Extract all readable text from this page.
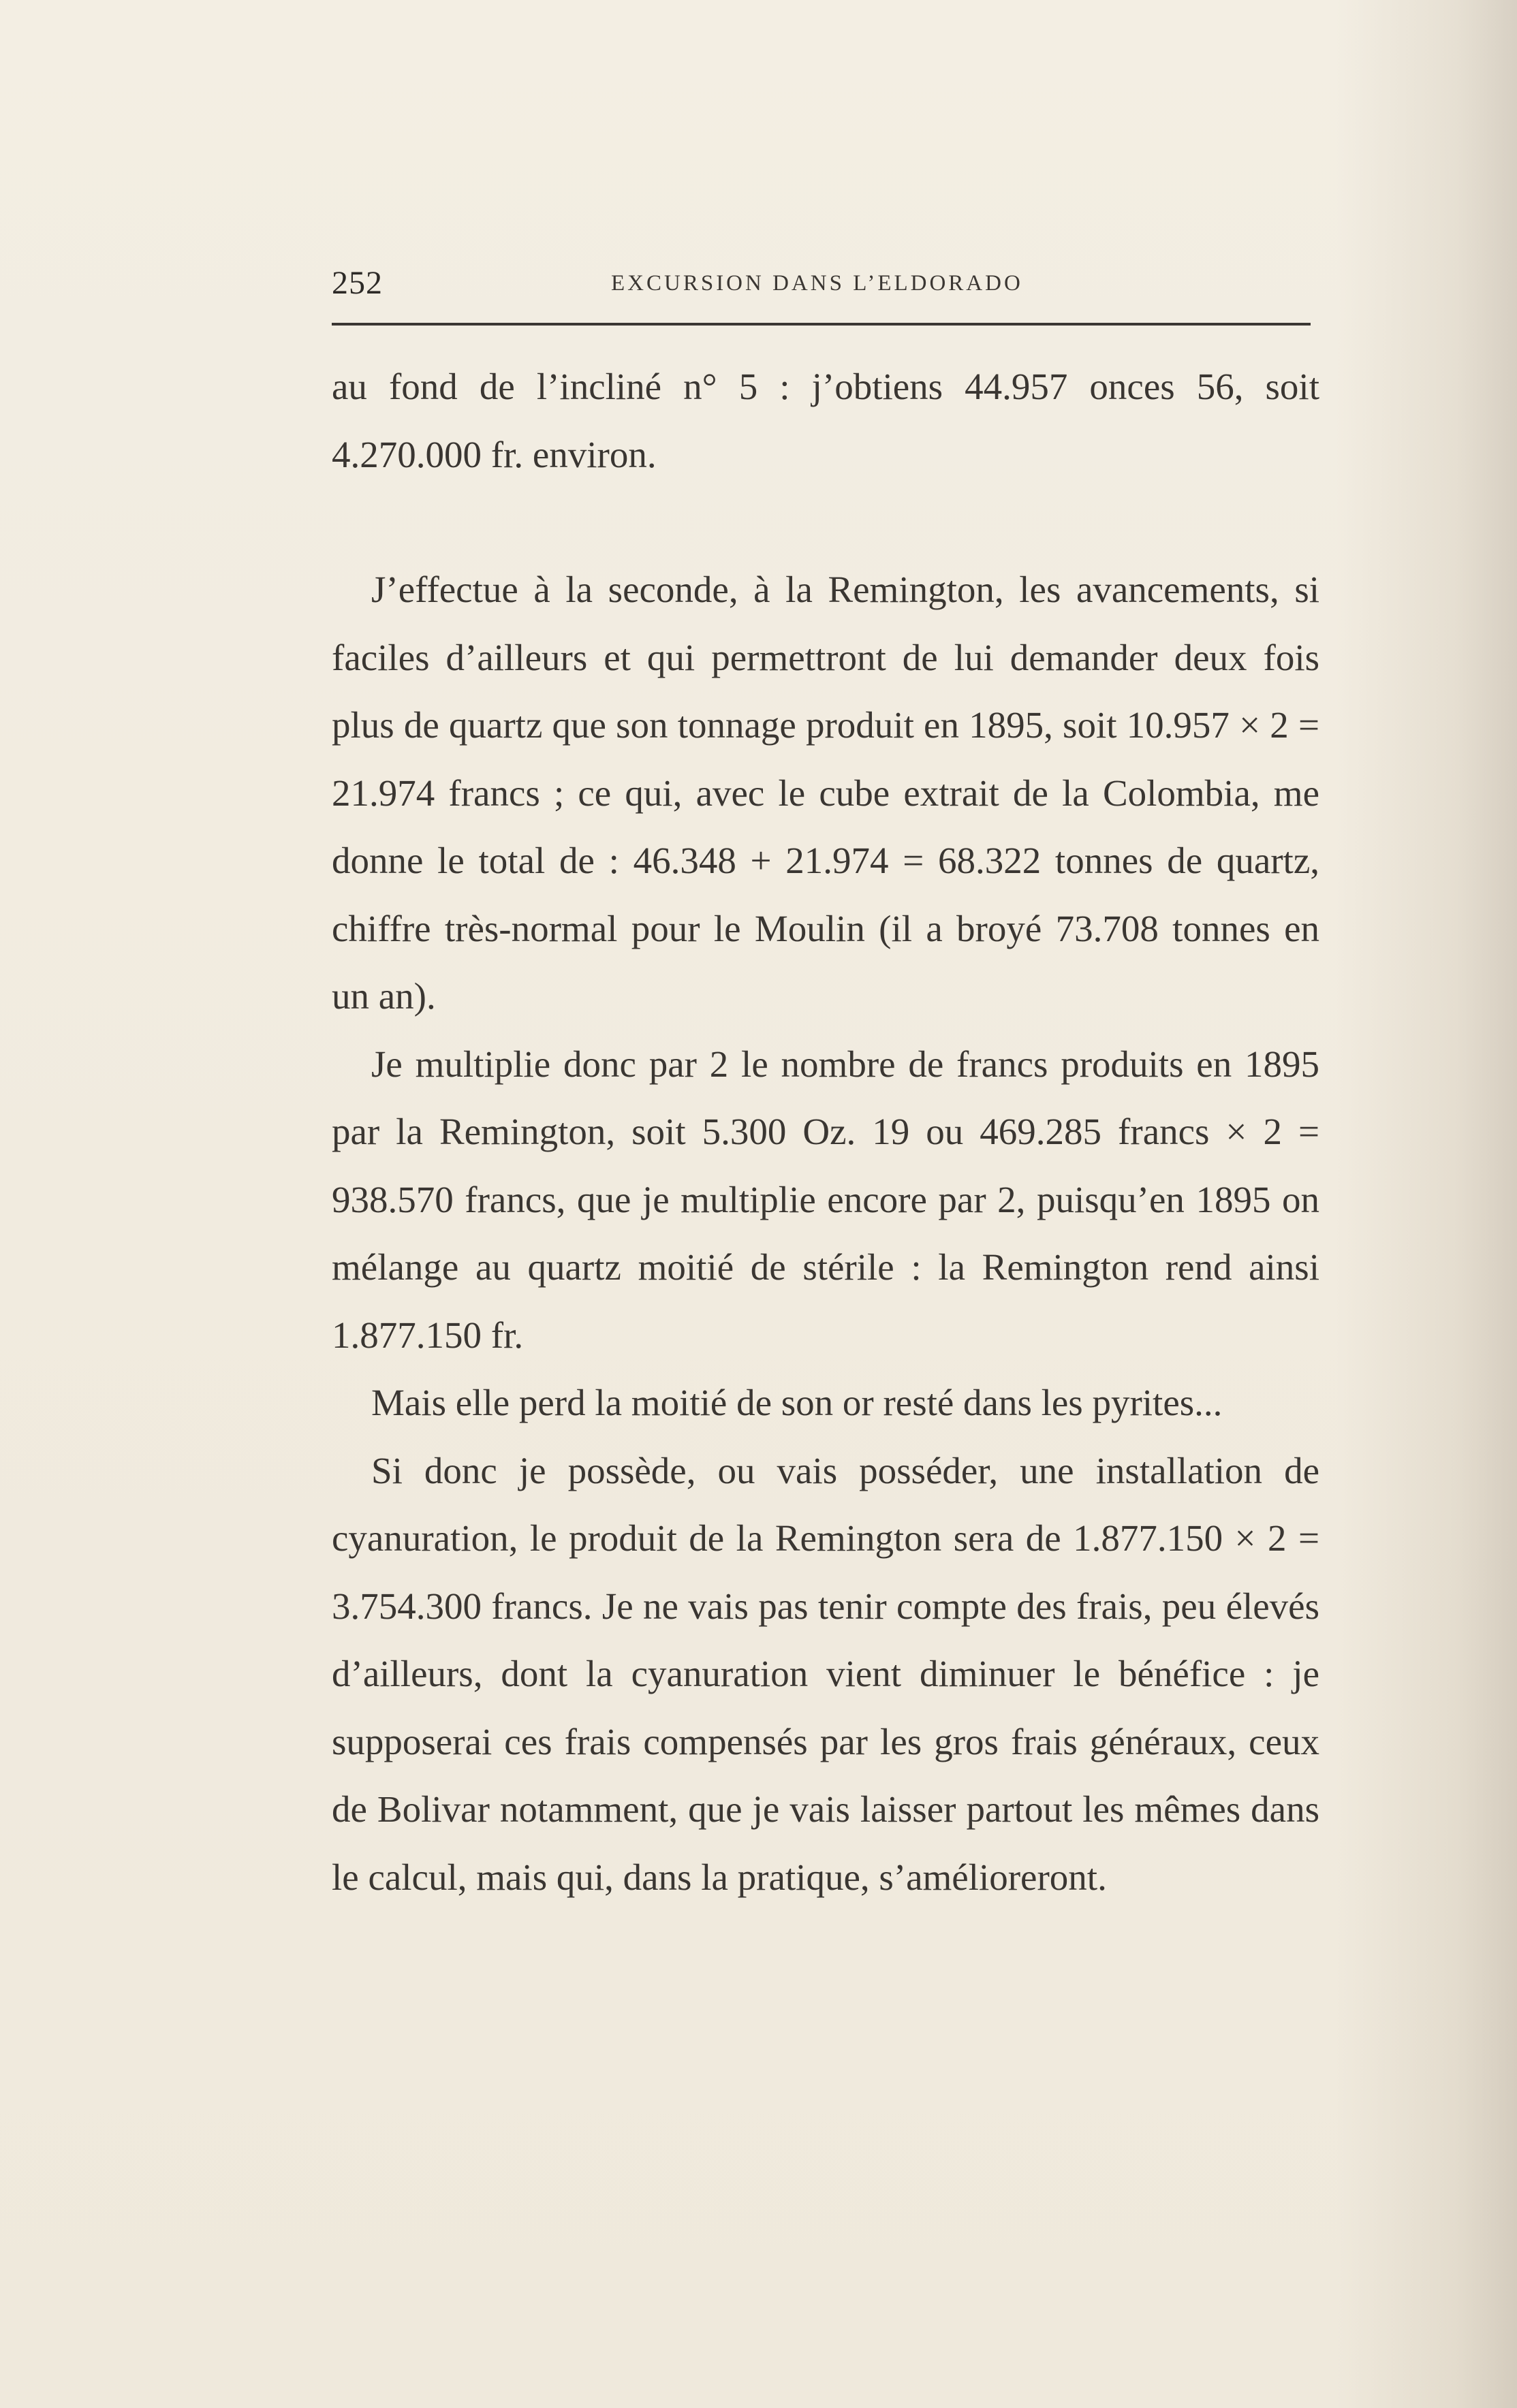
252	EXCURSION DANS L’ELDORADO

au fond de l’incliné n° 5 : j’obtiens 44.957 onces 56, soit 4.270.000 fr. environ.

J’effectue à la seconde, à la Remington, les avancements, si faciles d’ailleurs et qui permettront de lui demander deux fois plus de quartz que son tonnage produit en 1895, soit 10.957 × 2 = 21.974 francs ; ce qui, avec le cube extrait de la Colombia, me donne le total de : 46.348 + 21.974 = 68.322 tonnes de quartz, chiffre très-normal pour le Moulin (il a broyé 73.708 tonnes en un an).

Je multiplie donc par 2 le nombre de francs produits en 1895 par la Remington, soit 5.300 Oz. 19 ou 469.285 francs × 2 = 938.570 francs, que je multiplie encore par 2, puisqu’en 1895 on mélange au quartz moitié de stérile : la Remington rend ainsi 1.877.150 fr.

Mais elle perd la moitié de son or resté dans les pyrites...

Si donc je possède, ou vais posséder, une installation de cyanuration, le produit de la Remington sera de 1.877.150 × 2 = 3.754.300 francs. Je ne vais pas tenir compte des frais, peu élevés d’ailleurs, dont la cyanuration vient diminuer le bénéfice : je supposerai ces frais compensés par les gros frais généraux, ceux de Bolivar notamment, que je vais laisser partout les mêmes dans le calcul, mais qui, dans la pratique, s’amélioreront.
